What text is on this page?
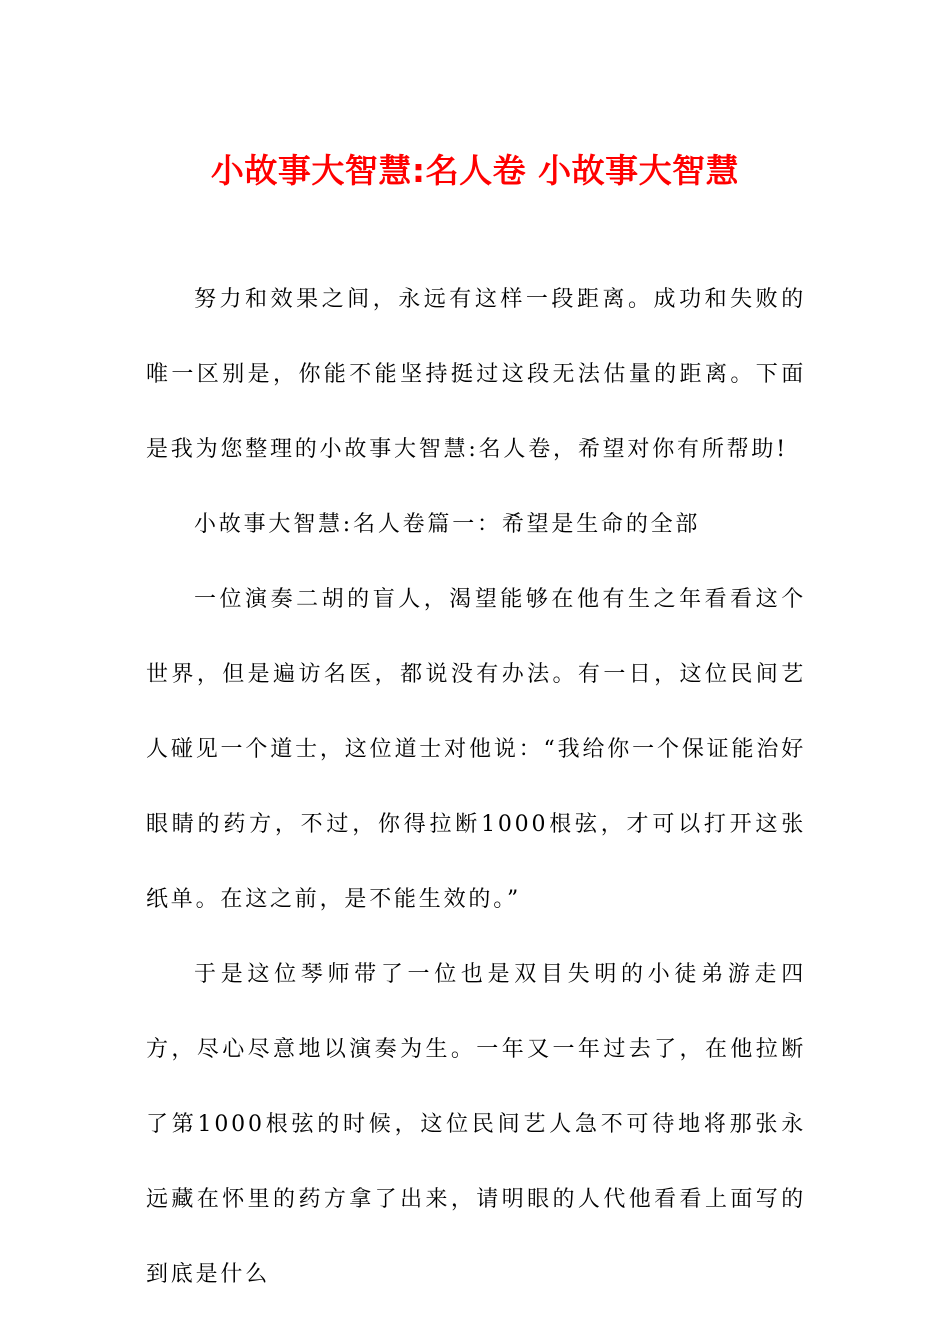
小故事大智慧:名人卷 小故事大智慧

努力和效果之间，永远有这样一段距离。成功和失败的唯一区别是，你能不能坚持挺过这段无法估量的距离。下面是我为您整理的小故事大智慧:名人卷，希望对你有所帮助!

小故事大智慧:名人卷篇一：希望是生命的全部

一位演奏二胡的盲人，渴望能够在他有生之年看看这个世界，但是遍访名医，都说没有办法。有一日，这位民间艺人碰见一个道士，这位道士对他说：“我给你一个保证能治好眼睛的药方，不过，你得拉断1000根弦，才可以打开这张纸单。在这之前，是不能生效的。”

于是这位琴师带了一位也是双目失明的小徒弟游走四方，尽心尽意地以演奏为生。一年又一年过去了，在他拉断了第1000根弦的时候，这位民间艺人急不可待地将那张永远藏在怀里的药方拿了出来，请明眼的人代他看看上面写的到底是什么
